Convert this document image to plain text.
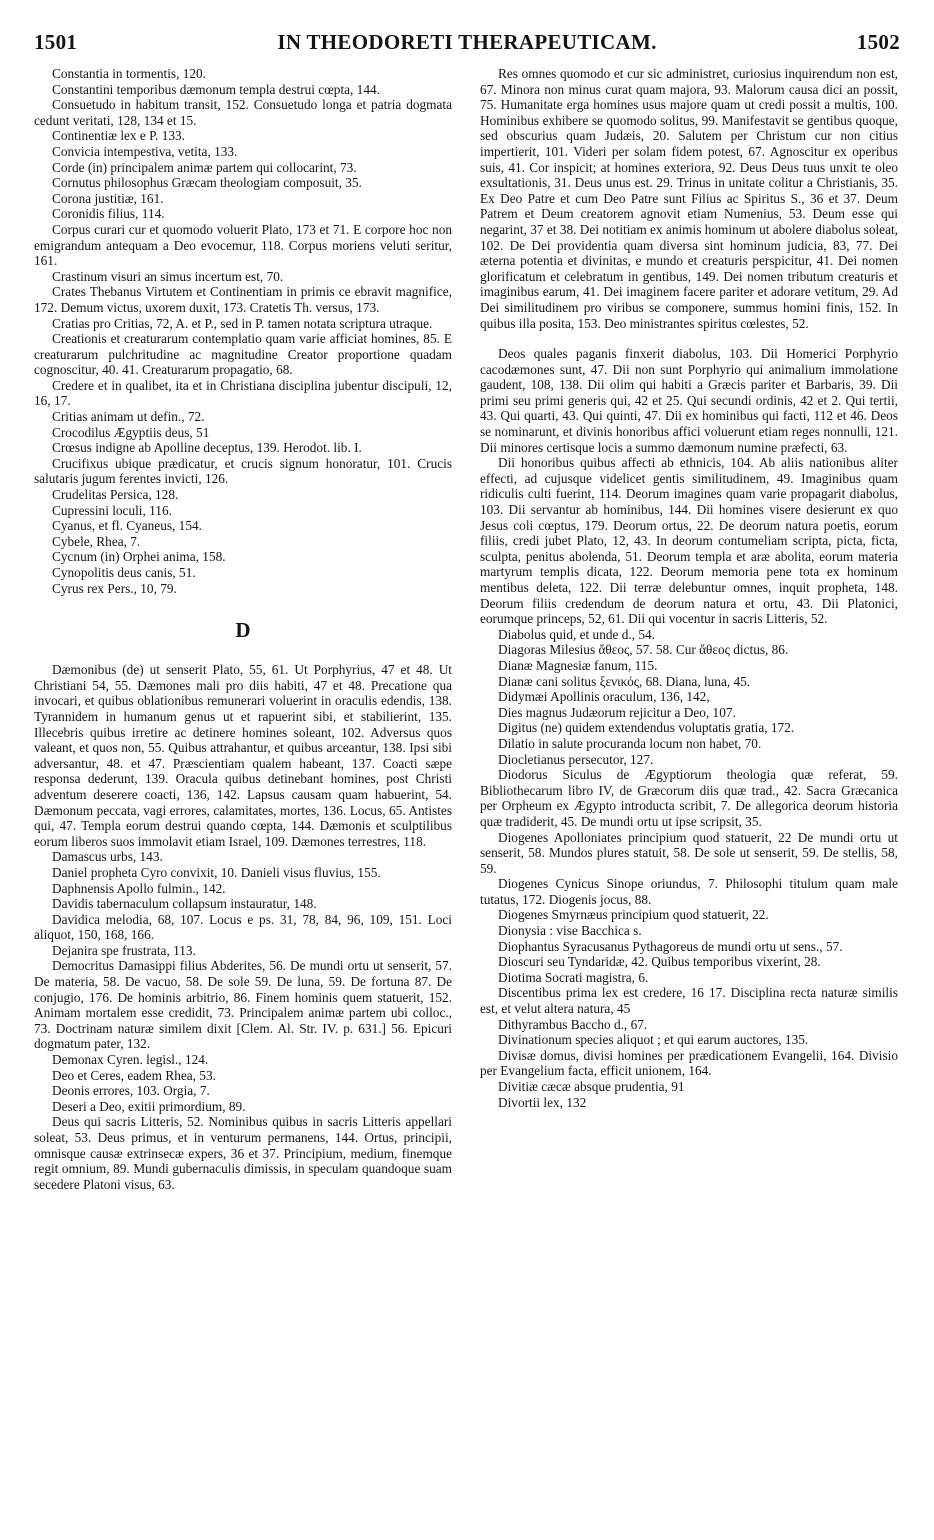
1501	IN THEODORETI THERAPEUTICAM.	1502

Constantia in tormentis, 120.

Constantini temporibus dæmonum templa destrui cœpta, 144.

Consuetudo in habitum transit, 152. Consuetudo longa et patria dogmata cedunt veritati, 128, 134 et 15.

Continentiæ lex e P. 133.

Convicia intempestiva, vetita, 133.

Corde (in) principalem animæ partem qui collocarint, 73.

Cornutus philosophus Græcam theologiam composuit, 35.

Corona justitiæ, 161.

Coronidis filius, 114.

Corpus curari cur et quomodo voluerit Plato, 173 et 71. E corpore hoc non emigrandum antequam a Deo evocemur, 118. Corpus moriens veluti seritur, 161.

Crastinum visuri an simus incertum est, 70.

Crates Thebanus Virtutem et Continentiam in primis ce ebravit magnifice, 172. Demum victus, uxorem duxit, 173. Cratetis Th. versus, 173.

Cratias pro Critias, 72, A. et P., sed in P. tamen notata scriptura utraque.

Creationis et creaturarum contemplatio quam varie afficiat homines, 85. E creaturarum pulchritudine ac magnitudine Creator proportione quadam cognoscitur, 40. 41. Creaturarum propagatio, 68.

Credere et in qualibet, ita et in Christiana disciplina jubentur discipuli, 12, 16, 17.

Critias animam ut defin., 72.

Crocodilus Ægyptiis deus, 51

Crœsus indigne ab Apolline deceptus, 139. Herodot. lib. I.

Crucifixus ubique prædicatur, et crucis signum honoratur, 101. Crucis salutaris jugum ferentes invicti, 126.

Crudelitas Persica, 128.

Cupressini loculi, 116.

Cyanus, et fl. Cyaneus, 154.

Cybele, Rhea, 7.

Cycnum (in) Orphei anima, 158.

Cynopolitis deus canis, 51.

Cyrus rex Pers., 10, 79.

D

Dæmonibus (de) ut senserit Plato, 55, 61. Ut Porphyrius, 47 et 48. Ut Christiani 54, 55. Dæmones mali pro diis habiti, 47 et 48. Precatione qua invocari, et quibus oblationibus remunerari voluerint in oraculis edendis, 138. Tyrannidem in humanum genus ut et rapuerint sibi, et stabilierint, 135. Illecebris quibus irretire ac detinere homines soleant, 102. Adversus quos valeant, et quos non, 55. Quibus attrahantur, et quibus arceantur, 138. Ipsi sibi adversantur, 48. et 47. Præscientiam qualem habeant, 137. Coacti sæpe responsa dederunt, 139. Oracula quibus detinebant homines, post Christi adventum deserere coacti, 136, 142. Lapsus causam quam habuerint, 54. Dæmonum peccata, vagi errores, calamitates, mortes, 136. Locus, 65. Antistes qui, 47. Templa eorum destrui quando cœpta, 144. Dæmonis et sculptilibus eorum liberos suos immolavit etiam Israel, 109. Dæmones terrestres, 118.

Damascus urbs, 143.

Daniel propheta Cyro convixit, 10. Danieli visus fluvius, 155.

Daphnensis Apollo fulmin., 142.

Davidis tabernaculum collapsum instauratur, 148.

Davidica melodia, 68, 107. Locus e ps. 31, 78, 84, 96, 109, 151. Loci aliquot, 150, 168, 166.

Dejanira spe frustrata, 113.

Democritus Damasippi filius Abderites, 56. De mundi ortu ut senserit, 57. De materia, 58. De vacuo, 58. De sole 59. De luna, 59. De fortuna 87. De conjugio, 176. De hominis arbitrio, 86. Finem hominis quem statuerit, 152. Animam mortalem esse credidit, 73. Principalem animæ partem ubi colloc., 73. Doctrinam naturæ similem dixit [Clem. Al. Str. IV. p. 631.] 56. Epicuri dogmatum pater, 132.

Demonax Cyren. legisl., 124.

Deo et Ceres, eadem Rhea, 53.

Deonis errores, 103. Orgia, 7.

Deseri a Deo, exitii primordium, 89.

Deus qui sacris Litteris, 52. Nominibus quibus in sacris Litteris appellari soleat, 53. Deus primus, et in venturum permanens, 144. Ortus, principii, omnisque causæ extrinsecæ expers, 36 et 37. Principium, medium, finemque regit omnium, 89. Mundi gubernaculis dimissis, in speculam quandoque suam secedere Platoni visus, 63.

Res omnes quomodo et cur sic administret, curiosius inquirendum non est, 67. Minora non minus curat quam majora, 93. Malorum causa dici an possit, 75. Humanitate erga homines usus majore quam ut credi possit a multis, 100. Hominibus exhibere se quomodo solitus, 99. Manifestavit se gentibus quoque, sed obscurius quam Judæis, 20. Salutem per Christum cur non citius impertierit, 101. Videri per solam fidem potest, 67. Agnoscitur ex operibus suis, 41. Cor inspicit; at homines exteriora, 92. Deus Deus tuus unxit te oleo exsultationis, 31. Deus unus est. 29. Trinus in unitate colitur a Christianis, 35. Ex Deo Patre et cum Deo Patre sunt Filius ac Spiritus S., 36 et 37. Deum Patrem et Deum creatorem agnovit etiam Numenius, 53. Deum esse qui negarint, 37 et 38. Dei notitiam ex animis hominum ut abolere diabolus soleat, 102. De Dei providentia quam diversa sint hominum judicia, 83, 77. Dei æterna potentia et divinitas, e mundo et creaturis perspicitur, 41. Dei nomen glorificatum et celebratum in gentibus, 149. Dei nomen tributum creaturis et imaginibus earum, 41. Dei imaginem facere pariter et adorare vetitum, 29. Ad Dei similitudinem pro viribus se componere, summus homini finis, 152. In quibus illa posita, 153. Deo ministrantes spiritus cœlestes, 52.

Deos quales paganis finxerit diabolus, 103. Dii Homerici Porphyrio cacodæmones sunt, 47. Dii non sunt Porphyrio qui animalium immolatione gaudent, 108, 138. Dii olim qui habiti a Græcis pariter et Barbaris, 39. Dii primi seu primi generis qui, 42 et 25. Qui secundi ordinis, 42 et 2. Qui tertii, 43. Qui quarti, 43. Qui quinti, 47. Dii ex hominibus qui facti, 112 et 46. Deos se nominarunt, et divinis honoribus affici voluerunt etiam reges nonnulli, 121. Dii minores certisque locis a summo dæmonum numine præfecti, 63.

Dii honoribus quibus affecti ab ethnicis, 104. Ab aliis nationibus aliter effecti, ad cujusque videlicet gentis similitudinem, 49. Imaginibus quam ridiculis culti fuerint, 114. Deorum imagines quam varie propagarit diabolus, 103. Dii servantur ab hominibus, 144. Dii homines visere desierunt ex quo Jesus coli cœptus, 179. Deorum ortus, 22. De deorum natura poetis, eorum filiis, credi jubet Plato, 12, 43. In deorum contumeliam scripta, picta, ficta, sculpta, penitus abolenda, 51. Deorum templa et aræ abolita, eorum materia martyrum templis dicata, 122. Deorum memoria pene tota ex hominum mentibus deleta, 122. Dii terræ delebuntur omnes, inquit propheta, 148. Deorum filiis credendum de deorum natura et ortu, 43. Dii Platonici, eorumque princeps, 52, 61. Dii qui vocentur in sacris Litteris, 52.

Diabolus quid, et unde d., 54.

Diagoras Milesius ἄθεος, 57. 58. Cur ἄθεος dictus, 86.

Dianæ Magnesiæ fanum, 115.

Dianæ cani solitus ξενικός, 68. Diana, luna, 45.

Didymæi Apollinis oraculum, 136, 142,

Dies magnus Judæorum rejicitur a Deo, 107.

Digitus (ne) quidem extendendus voluptatis gratia, 172.

Dilatio in salute procuranda locum non habet, 70.

Diocletianus persecutor, 127.

Diodorus Siculus de Ægyptiorum theologia quæ referat, 59. Bibliothecarum libro IV, de Græcorum diis quæ trad., 42. Sacra Græcanica per Orpheum ex Ægypto introducta scribit, 7. De allegorica deorum historia quæ tradiderit, 45. De mundi ortu ut ipse scripsit, 35.

Diogenes Apolloniates principium quod statuerit, 22 De mundi ortu ut senserit, 58. Mundos plures statuit, 58. De sole ut senserit, 59. De stellis, 58, 59.

Diogenes Cynicus Sinope oriundus, 7. Philosophi titulum quam male tutatus, 172. Diogenis jocus, 88.

Diogenes Smyrnæus principium quod statuerit, 22.

Dionysia : vise Bacchica s.

Diophantus Syracusanus Pythagoreus de mundi ortu ut sens., 57.

Dioscuri seu Tyndaridæ, 42. Quibus temporibus vixerint, 28.

Diotima Socrati magistra, 6.

Discentibus prima lex est credere, 16 17. Disciplina recta naturæ similis est, et velut altera natura, 45

Dithyrambus Baccho d., 67.

Divinationum species aliquot ; et qui earum auctores, 135.

Divisæ domus, divisi homines per prædicationem Evangelii, 164. Divisio per Evangelium facta, efficit unionem, 164.

Divitiæ cæcæ absque prudentia, 91

Divortii lex, 132
